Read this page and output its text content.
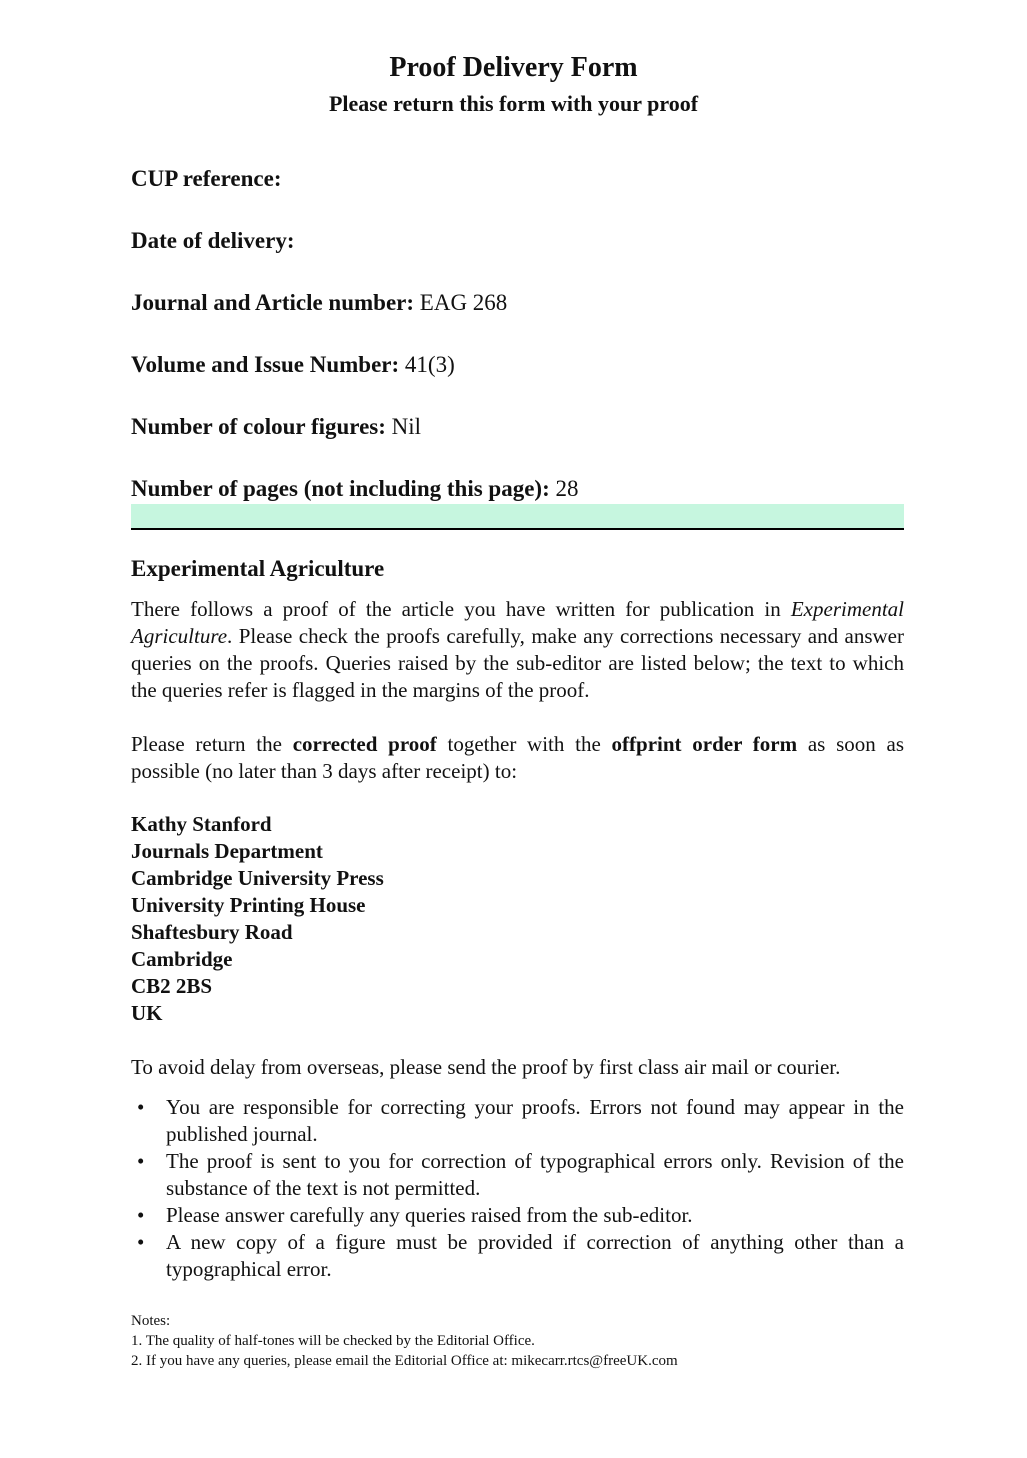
Proof Delivery Form
Please return this form with your proof
CUP reference:
Date of delivery:
Journal and Article number: EAG 268
Volume and Issue Number: 41(3)
Number of colour figures: Nil
Number of pages (not including this page): 28
Experimental Agriculture
There follows a proof of the article you have written for publication in Experimental Agriculture. Please check the proofs carefully, make any corrections necessary and answer queries on the proofs. Queries raised by the sub-editor are listed below; the text to which the queries refer is flagged in the margins of the proof.
Please return the corrected proof together with the offprint order form as soon as possible (no later than 3 days after receipt) to:
Kathy Stanford
Journals Department
Cambridge University Press
University Printing House
Shaftesbury Road
Cambridge
CB2 2BS
UK
To avoid delay from overseas, please send the proof by first class air mail or courier.
• You are responsible for correcting your proofs. Errors not found may appear in the published journal.
• The proof is sent to you for correction of typographical errors only. Revision of the substance of the text is not permitted.
• Please answer carefully any queries raised from the sub-editor.
• A new copy of a figure must be provided if correction of anything other than a typographical error.
Notes:
1. The quality of half-tones will be checked by the Editorial Office.
2. If you have any queries, please email the Editorial Office at: mikecarr.rtcs@freeUK.com
